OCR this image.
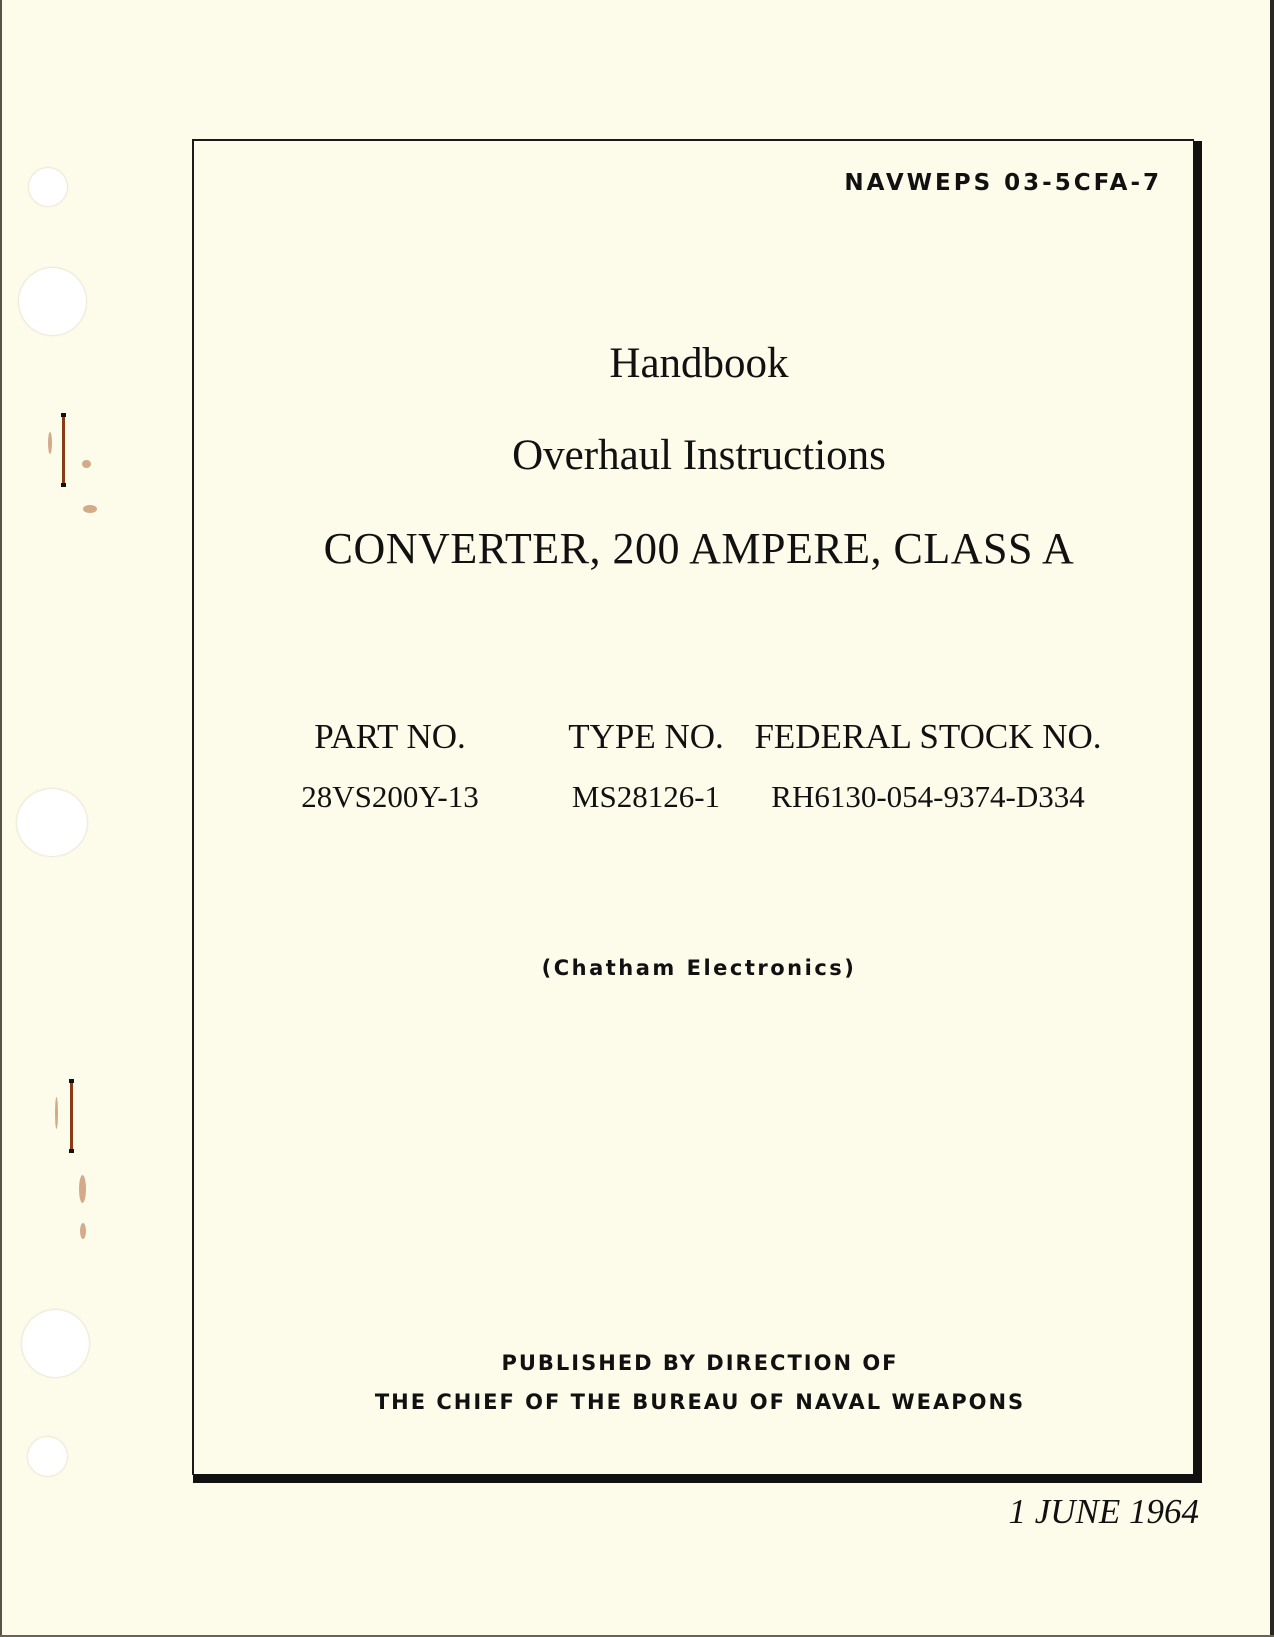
NAVWEPS 03-5CFA-7
Handbook
Overhaul Instructions
CONVERTER, 200 AMPERE, CLASS A
PART NO.
28VS200Y-13
TYPE NO.
MS28126-1
FEDERAL STOCK NO.
RH6130-054-9374-D334
(Chatham Electronics)
PUBLISHED BY DIRECTION OF
THE CHIEF OF THE BUREAU OF NAVAL WEAPONS
1 JUNE 1964
